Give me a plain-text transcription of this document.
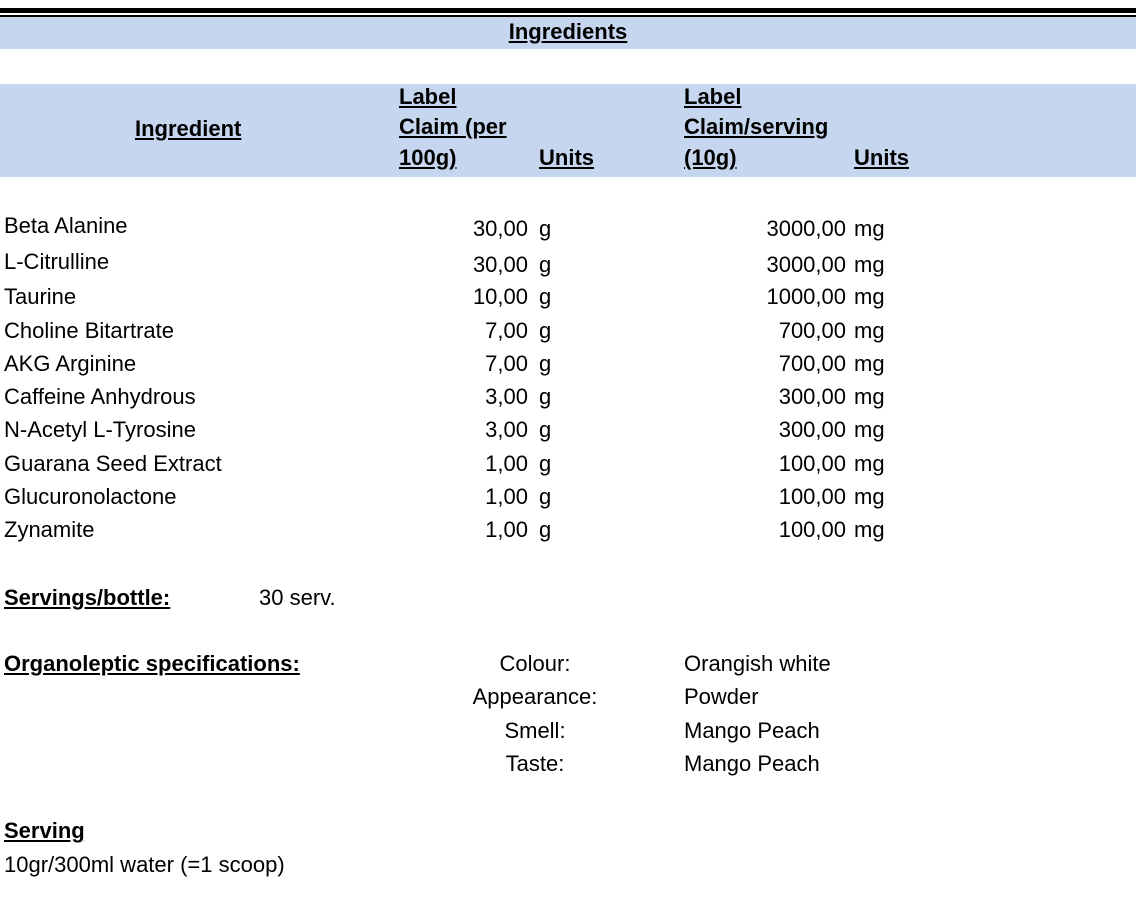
Ingredients
Ingredient
Label
Claim (per
100g)	Units
Label
Claim/serving
(10g)	Units
Beta Alanine	30,00 g	3000,00 mg
L-Citrulline	30,00 g	3000,00 mg
Taurine	10,00 g	1000,00 mg
Choline Bitartrate	7,00 g	700,00 mg
AKG Arginine	7,00 g	700,00 mg
Caffeine Anhydrous	3,00 g	300,00 mg
N-Acetyl L-Tyrosine	3,00 g	300,00 mg
Guarana Seed Extract	1,00 g	100,00 mg
Glucuronolactone	1,00 g	100,00 mg
Zynamite	1,00 g	100,00 mg
Servings/bottle:	30 serv.
Organoleptic specifications:	Colour:	Orangish white
Appearance:	Powder
Smell:	Mango Peach
Taste:	Mango Peach
Serving
10gr/300ml water (=1 scoop)
